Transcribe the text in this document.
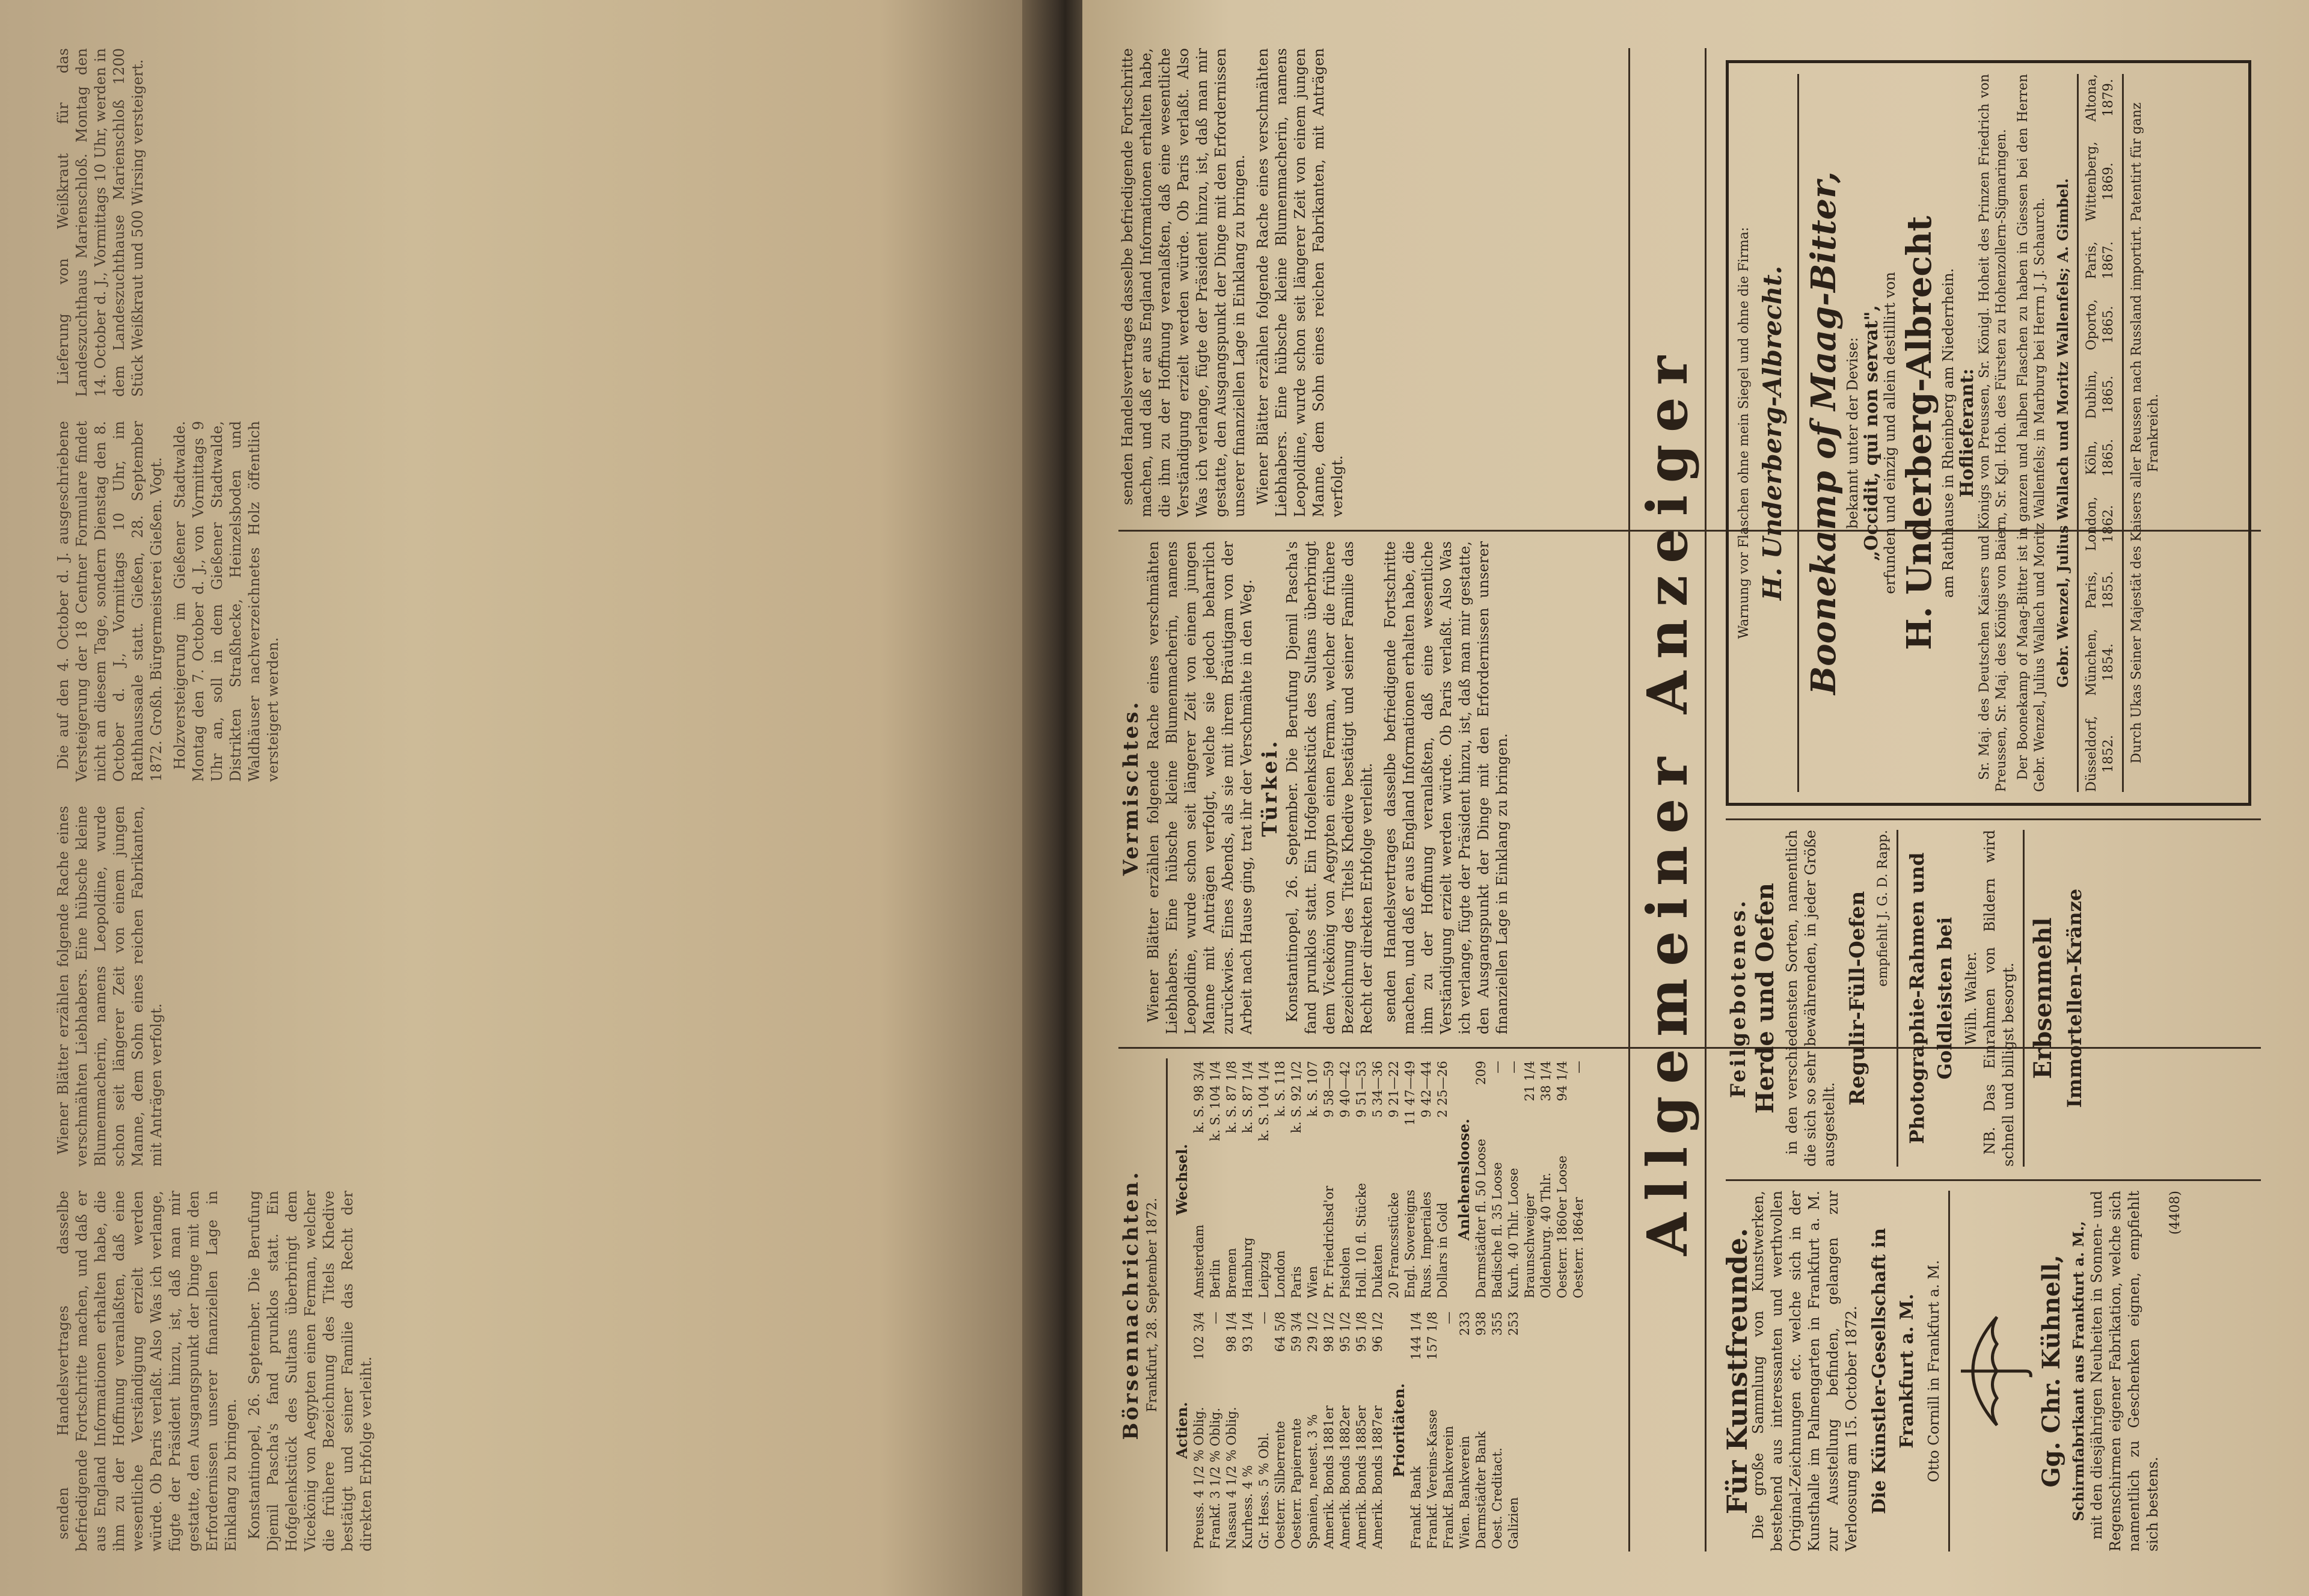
senden Handelsvertrages dasselbe befriedigende Fortschritte machen, und daß er aus England Informationen erhalten habe, die ihm zu der Hoffnung veranlaßten, daß eine wesentliche Verständigung erzielt werden würde. Ob Paris verlaßt. Also Was ich verlange, fügte der Präsident hinzu, ist, daß man mir gestatte, den Ausgangspunkt der Dinge mit den Erfordernissen unserer finanziellen Lage in Einklang zu bringen. Konstantinopel, 26. September. Die Berufung Djemil Pascha's fand prunklos statt. Ein Hofgelenkstück des Sultans überbringt dem Vicekönig von Aegypten einen Ferman, welcher die frühere Bezeichnung des Titels Khedive bestätigt und seiner Familie das Recht der direkten Erbfolge verleiht.

Wiener Blätter erzählen folgende Rache eines verschmähten Liebhabers. Eine hübsche kleine Blumenmacherin, namens Leopoldine, wurde schon seit längerer Zeit von einem jungen Manne, dem Sohn eines reichen Fabrikanten, mit Anträgen verfolgt.

Die auf den 4. October d. J. ausgeschriebene Versteigerung der 18 Centner Formulare findet nicht an diesem Tage, sondern Dienstag den 8. October d. J., Vormittags 10 Uhr, im Rathhaussaale statt. Gießen, 28. September 1872. Großh. Bürgermeisterei Gießen. Vogt. Holzversteigerung im Gießener Stadtwalde. Montag den 7. October d. J., von Vormittags 9 Uhr an, soll in dem Gießener Stadtwalde, Distrikten Straßhecke, Heinzelsboden und Waldhäuser nachverzeichnetes Holz öffentlich versteigert werden.

Lieferung von Weißkraut für das Landeszuchthaus Marienschloß. Montag den 14. October d. J., Vormittags 10 Uhr, werden in dem Landeszuchthause Marienschloß 1200 Stück Weißkraut und 500 Wirsing versteigert.

Börsennachrichten. Frankfurt, 28. September 1872.
Actien. Preuss. 4 1/2 % Oblig.	102 3/4
Frankf. 3 1/2 % Oblig.	—
Nassau 4 1/2 % Oblig.	98 1/4
Kurhess. 4 %	93 1/4
Gr. Hess. 5 % Obl.	—
Oesterr. Silberrente	64 5/8
Oesterr. Papierrente	59 3/4
Spanien, neuest. 3 %	29 1/2
Amerik. Bonds 1881er	98 1/2
Amerik. Bonds 1882er	95 1/2
Amerik. Bonds 1885er	95 1/8
Amerik. Bonds 1887er	96 1/2
Prioritäten.
Frankf. Bank	144 1/4
Frankf. Vereins-Kasse	157 1/8
Frankf. Bankverein	—
Wien. Bankverein	233
Darmstädter Bank	938
Oest. Creditact.	355
Galizien	253
Wechsel.
Amsterdam	k. S. 98 3/4
Berlin	k. S. 104 1/4
Bremen	k. S. 87 1/8
Hamburg	k. S. 87 1/4
Leipzig	k. S. 104 1/4
London	k. S. 118
Paris	k. S. 92 1/2
Wien	k. S. 107
Pr. Friedrichsd'or	9 58—59
Pistolen	9 40—42
Holl. 10 fl. Stücke	9 51—53
Dukaten	5 34—36
20 Francsstücke	9 21—22
Engl. Sovereigns	11 47—49
Russ. Imperiales	9 42—44
Dollars in Gold	2 25—26
Anlehensloose. Darmstädter fl. 50 Loose	209
Badische fl. 35 Loose	—
Kurh. 40 Thlr. Loose	—
Braunschweiger	21 1/4
Oldenburg. 40 Thlr.	38 1/4
Oesterr. 1860er Loose	94 1/4
Oesterr. 1864er	—
Vermischtes. Wiener Blätter erzählen folgende Rache eines verschmähten Liebhabers. Eine hübsche kleine Blumenmacherin, namens Leopoldine, wurde schon seit längerer Zeit von einem jungen Manne mit Anträgen verfolgt, welche sie jedoch beharrlich zurückwies. Eines Abends, als sie mit ihrem Bräutigam von der Arbeit nach Hause ging, trat ihr der Verschmähte in den Weg. Türkei. Konstantinopel, 26. September. Die Berufung Djemil Pascha's fand prunklos statt. Ein Hofgelenkstück des Sultans überbringt dem Vicekönig von Aegypten einen Ferman, welcher die frühere Bezeichnung des Titels Khedive bestätigt und seiner Familie das Recht der direkten Erbfolge verleiht. senden Handelsvertrages dasselbe befriedigende Fortschritte machen, und daß er aus England Informationen erhalten habe, die ihm zu der Hoffnung veranlaßten, daß eine wesentliche Verständigung erzielt werden würde. Ob Paris verlaßt. Also Was ich verlange, fügte der Präsident hinzu, ist, daß man mir gestatte, den Ausgangspunkt der Dinge mit den Erfordernissen unserer finanziellen Lage in Einklang zu bringen.

senden Handelsvertrages dasselbe befriedigende Fortschritte machen, und daß er aus England Informationen erhalten habe, die ihm zu der Hoffnung veranlaßten, daß eine wesentliche Verständigung erzielt werden würde. Ob Paris verlaßt. Also Was ich verlange, fügte der Präsident hinzu, ist, daß man mir gestatte, den Ausgangspunkt der Dinge mit den Erfordernissen unserer finanziellen Lage in Einklang zu bringen. Wiener Blätter erzählen folgende Rache eines verschmähten Liebhabers. Eine hübsche kleine Blumenmacherin, namens Leopoldine, wurde schon seit längerer Zeit von einem jungen Manne, dem Sohn eines reichen Fabrikanten, mit Anträgen verfolgt.	Allgemeiner Anzeiger
Für Kunstfreunde.

Die große Sammlung von Kunstwerken, bestehend aus interessanten und werthvollen Original-Zeichnungen etc. welche sich in der Kunsthalle im Palmengarten in Frankfurt a. M. zur Ausstellung befinden, gelangen zur Verloosung am 15. October 1872. Die Künstler-Gesellschaft in Frankfurt a. M. Otto Cornill in Frankfurt a. M.	Gg. Chr. Kühnell, Schirmfabrikant aus Frankfurt a. M., mit den diesjährigen Neuheiten in Sonnen- und Regenschirmen eigener Fabrikation, welche sich namentlich zu Geschenken eignen, empfiehlt sich bestens.

(4408)
Feilgebotenes. Herde und Oefen in den verschiedensten Sorten, namentlich die sich so sehr bewährenden, in jeder Größe ausgestellt.

Regulir-Füll-Oefen empfiehlt J. G. D. Rapp. Photographie-Rahmen und Goldleisten bei Wilh. Walter. NB. Das Einrahmen von Bildern wird schnell und billigst besorgt. Erbsenmehl Immortellen-Kränze
Warnung vor Flaschen ohne mein Siegel und ohne die Firma: H. Underberg-Albrecht. Boonekamp of Maag-Bitter, bekannt unter der Devise: „Occidit, qui non servat", erfunden und einzig und allein destillirt von H. Underberg-Albrecht am Rathhause in Rheinberg am Niederrhein. Hoflieferant: Sr. Maj. des Deutschen Kaisers und Königs von Preussen, Sr. Königl. Hoheit des Prinzen Friedrich von Preussen, Sr. Maj. des Königs von Baiern, Sr. Kgl. Hoh. des Fürsten zu Hohenzollern-Sigmaringen. Der Boonekamp of Maag-Bitter ist in ganzen und halben Flaschen zu haben in Giessen bei den Herren Gebr. Wenzel, Julius Wallach und Moritz Wallenfels; in Marburg bei Herrn J. J. Schaurch. Gebr. Wenzel, Julius Wallach und Moritz Wallenfels; A. Gimbel.
Düsseldorf, 1852.
München, 1854.
Paris, 1855.
London, 1862.
Köln, 1865.
Dublin, 1865.
Oporto, 1865.
Paris, 1867.
Wittenberg, 1869.
Altona, 1879.
Durch Ukas Seiner Majestät des Kaisers aller Reussen nach Russland importirt. Patentirt für ganz Frankreich.
